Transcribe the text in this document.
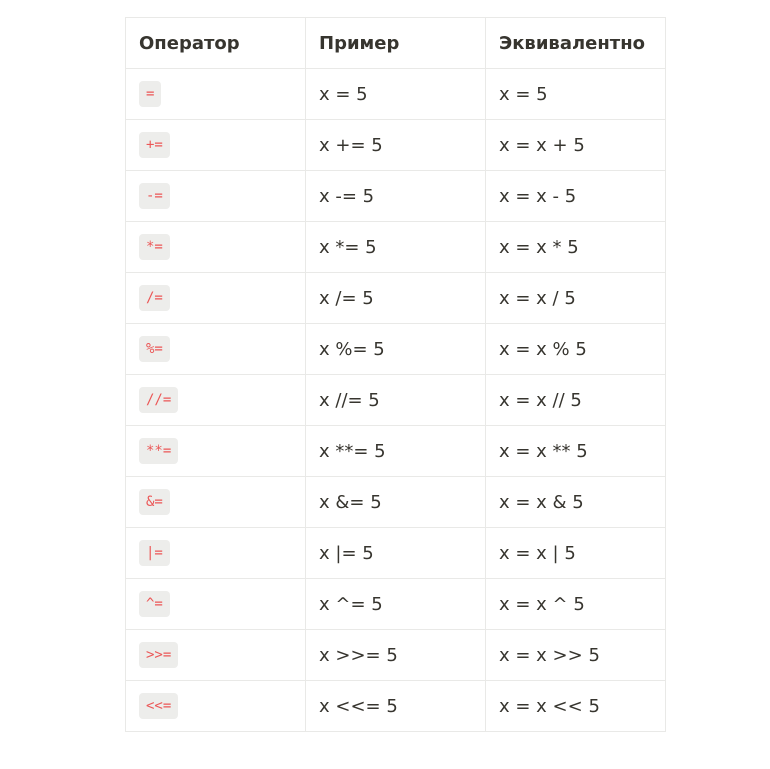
Оператор	Пример	Эквивалентно
=	x = 5	x = 5
+=	x += 5	x = x + 5
-=	x -= 5	x = x - 5
*=	x *= 5	x = x * 5
/=	x /= 5	x = x / 5
%=	x %= 5	x = x % 5
//=	x //= 5	x = x // 5
**=	x **= 5	x = x ** 5
&=	x &= 5	x = x & 5
|=	x |= 5	x = x | 5
^=	x ^= 5	x = x ^ 5
>>=	x >>= 5	x = x >> 5
<<=	x <<= 5	x = x << 5
